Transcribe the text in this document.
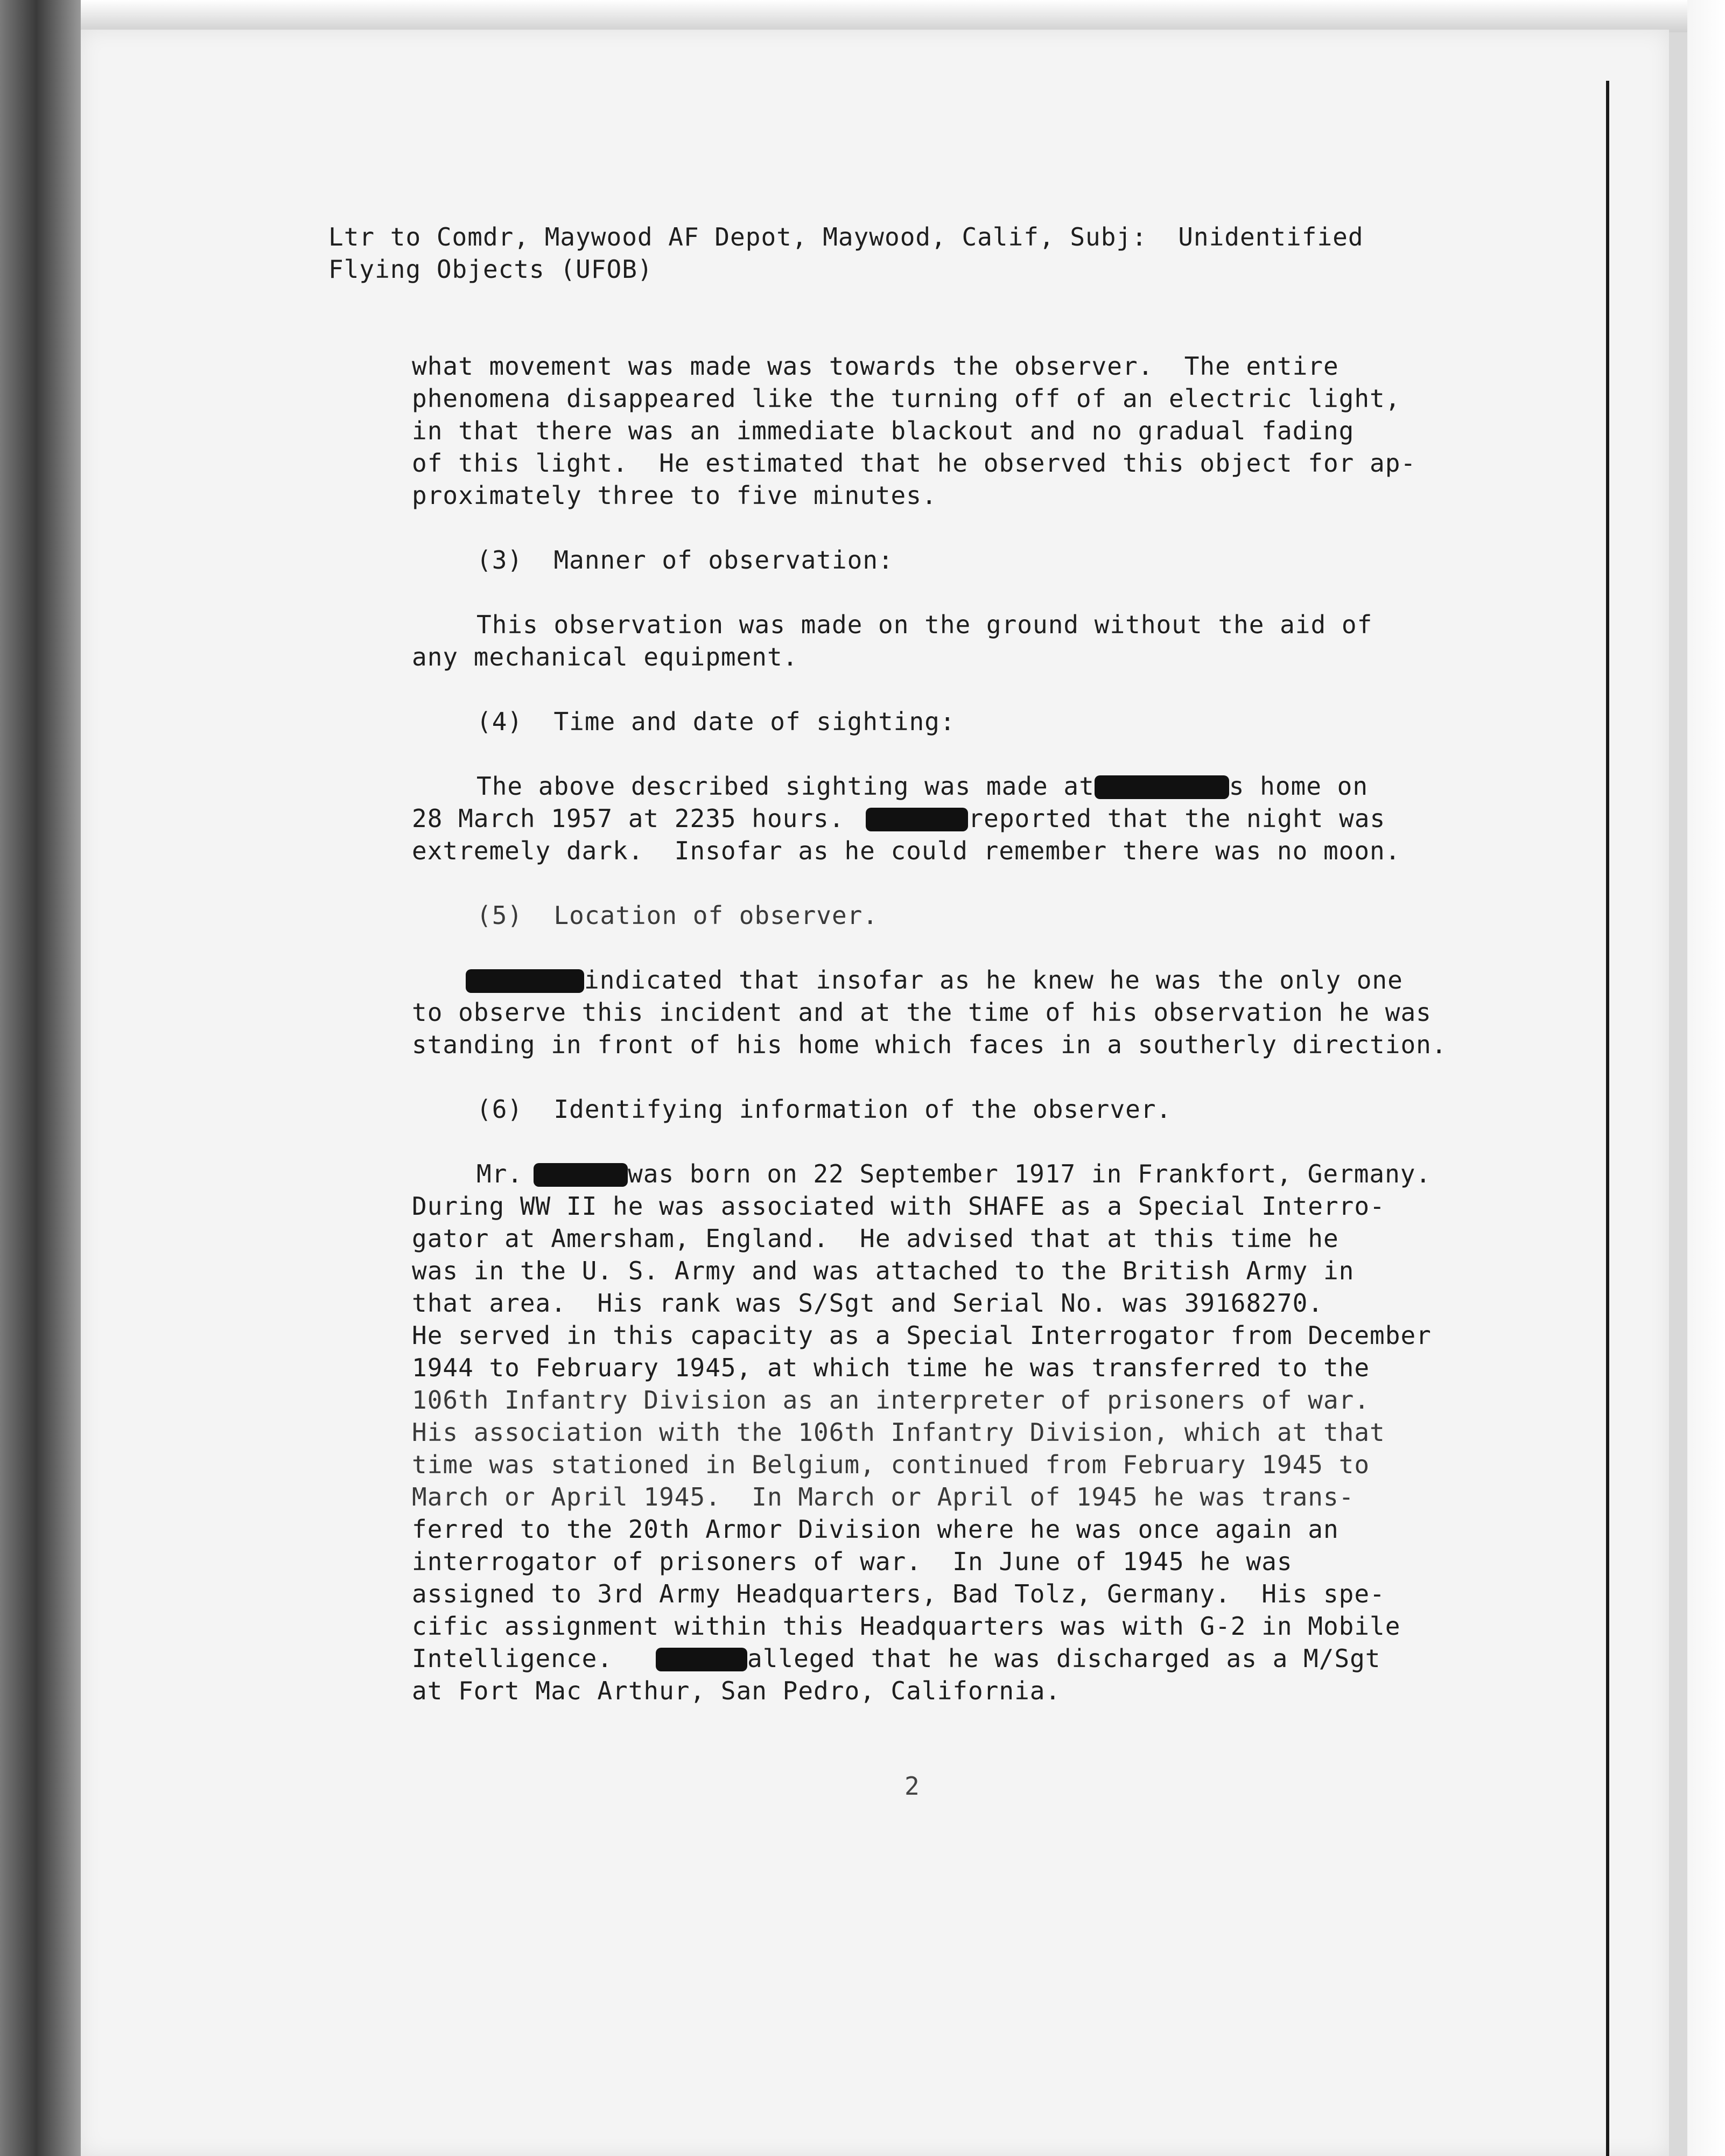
Ltr to Comdr, Maywood AF Depot, Maywood, Calif, Subj:  Unidentified
Flying Objects (UFOB)
what movement was made was towards the observer.  The entire
phenomena disappeared like the turning off of an electric light,
in that there was an immediate blackout and no gradual fading
of this light.  He estimated that he observed this object for ap-
proximately three to five minutes.
(3)  Manner of observation:
This observation was made on the ground without the aid of
any mechanical equipment.
(4)  Time and date of sighting:
The above described sighting was made at	s home on
28 March 1957 at 2235 hours.	reported that the night was
extremely dark.  Insofar as he could remember there was no moon.
(5)  Location of observer.
indicated that insofar as he knew he was the only one
to observe this incident and at the time of his observation he was
standing in front of his home which faces in a southerly direction.
(6)  Identifying information of the observer.
Mr.	was born on 22 September 1917 in Frankfort, Germany.
During WW II he was associated with SHAFE as a Special Interro-
gator at Amersham, England.  He advised that at this time he
was in the U. S. Army and was attached to the British Army in
that area.  His rank was S/Sgt and Serial No. was 39168270.
He served in this capacity as a Special Interrogator from December
1944 to February 1945, at which time he was transferred to the
106th Infantry Division as an interpreter of prisoners of war.
His association with the 106th Infantry Division, which at that
time was stationed in Belgium, continued from February 1945 to
March or April 1945.  In March or April of 1945 he was trans-
ferred to the 20th Armor Division where he was once again an
interrogator of prisoners of war.  In June of 1945 he was
assigned to 3rd Army Headquarters, Bad Tolz, Germany.  His spe-
cific assignment within this Headquarters was with G-2 in Mobile
Intelligence.	alleged that he was discharged as a M/Sgt
at Fort Mac Arthur, San Pedro, California.
2
